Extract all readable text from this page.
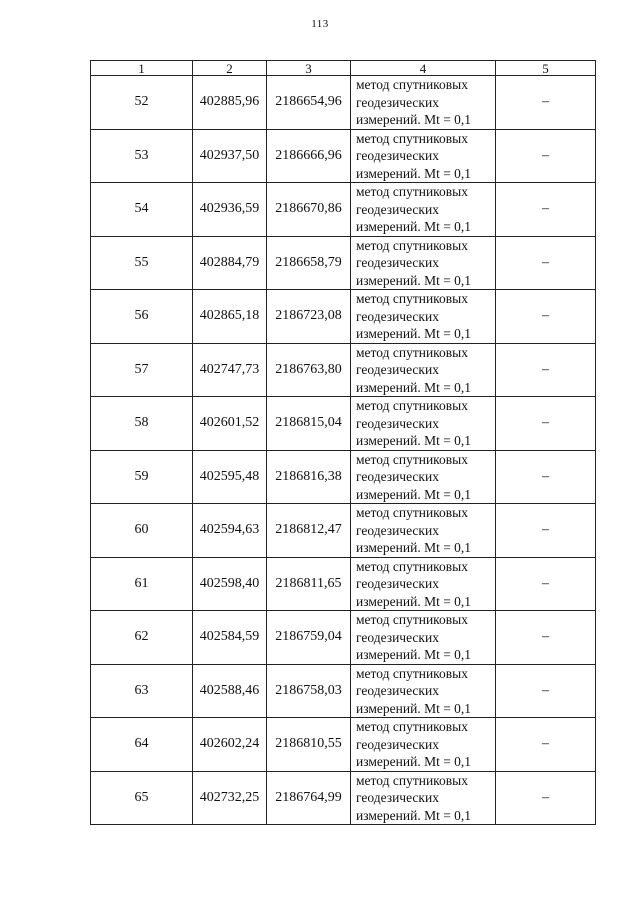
113
1	2	3	4	5
52	402885,96	2186654,96	метод спутниковых
геодезических
измерений. Mt = 0,1	–
53	402937,50	2186666,96	метод спутниковых
геодезических
измерений. Mt = 0,1	–
54	402936,59	2186670,86	метод спутниковых
геодезических
измерений. Mt = 0,1	–
55	402884,79	2186658,79	метод спутниковых
геодезических
измерений. Mt = 0,1	–
56	402865,18	2186723,08	метод спутниковых
геодезических
измерений. Mt = 0,1	–
57	402747,73	2186763,80	метод спутниковых
геодезических
измерений. Mt = 0,1	–
58	402601,52	2186815,04	метод спутниковых
геодезических
измерений. Mt = 0,1	–
59	402595,48	2186816,38	метод спутниковых
геодезических
измерений. Mt = 0,1	–
60	402594,63	2186812,47	метод спутниковых
геодезических
измерений. Mt = 0,1	–
61	402598,40	2186811,65	метод спутниковых
геодезических
измерений. Mt = 0,1	–
62	402584,59	2186759,04	метод спутниковых
геодезических
измерений. Mt = 0,1	–
63	402588,46	2186758,03	метод спутниковых
геодезических
измерений. Mt = 0,1	–
64	402602,24	2186810,55	метод спутниковых
геодезических
измерений. Mt = 0,1	–
65	402732,25	2186764,99	метод спутниковых
геодезических
измерений. Mt = 0,1	–
